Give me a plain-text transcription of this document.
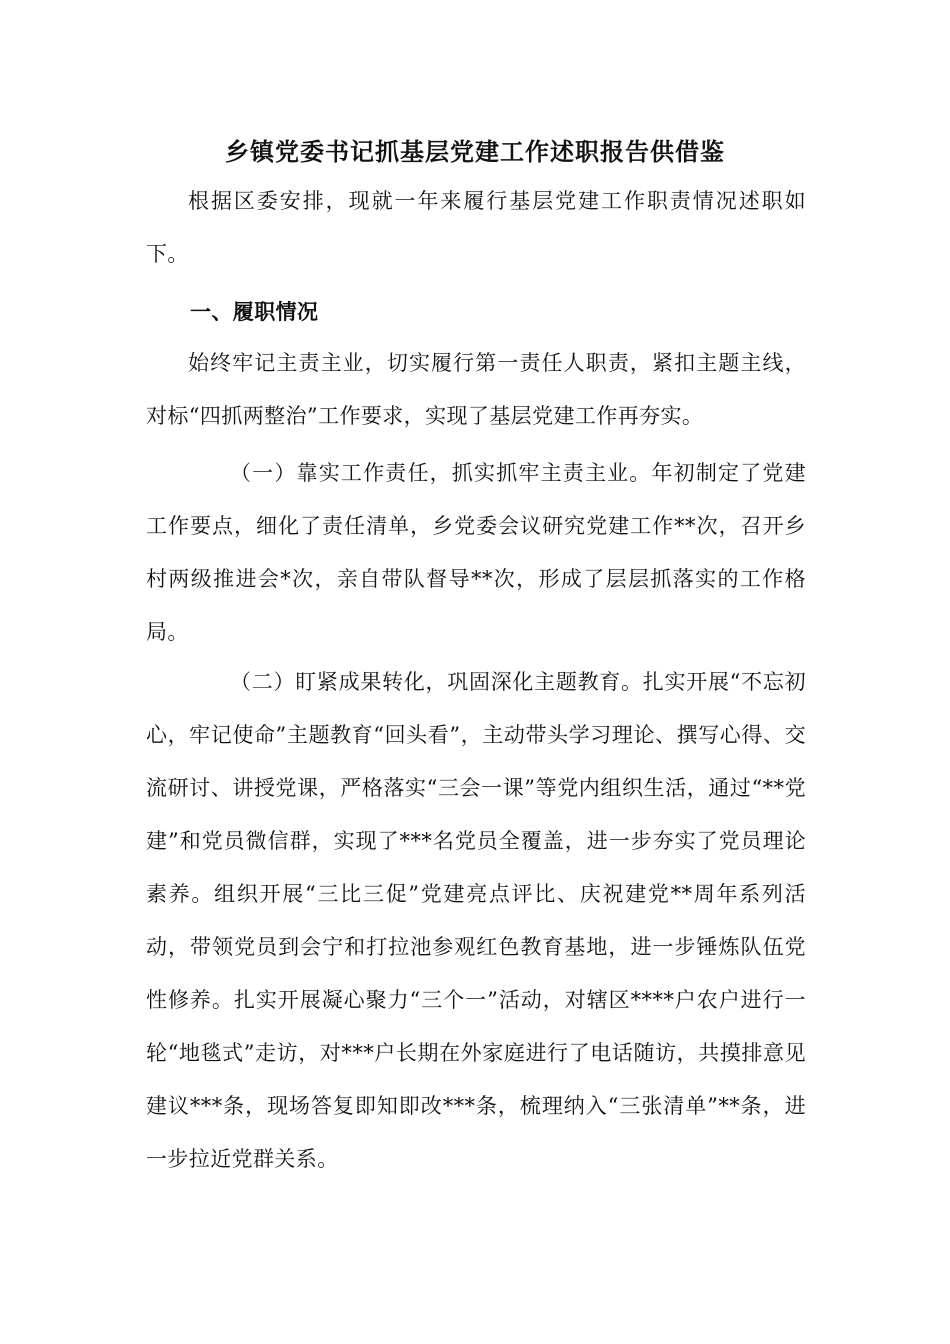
乡镇党委书记抓基层党建工作述职报告供借鉴

根据区委安排，现就一年来履行基层党建工作职责情况述职如下。

一、履职情况

始终牢记主责主业，切实履行第一责任人职责，紧扣主题主线，对标“四抓两整治”工作要求，实现了基层党建工作再夯实。

（一）靠实工作责任，抓实抓牢主责主业。年初制定了党建工作要点，细化了责任清单，乡党委会议研究党建工作**次，召开乡村两级推进会*次，亲自带队督导**次，形成了层层抓落实的工作格局。

（二）盯紧成果转化，巩固深化主题教育。扎实开展“不忘初心，牢记使命”主题教育“回头看”，主动带头学习理论、撰写心得、交流研讨、讲授党课，严格落实“三会一课”等党内组织生活，通过“**党建”和党员微信群，实现了***名党员全覆盖，进一步夯实了党员理论素养。组织开展“三比三促”党建亮点评比、庆祝建党**周年系列活动，带领党员到会宁和打拉池参观红色教育基地，进一步锤炼队伍党性修养。扎实开展凝心聚力“三个一”活动，对辖区****户农户进行一轮“地毯式”走访，对***户长期在外家庭进行了电话随访，共摸排意见建议***条，现场答复即知即改***条，梳理纳入“三张清单”**条，进一步拉近党群关系。
